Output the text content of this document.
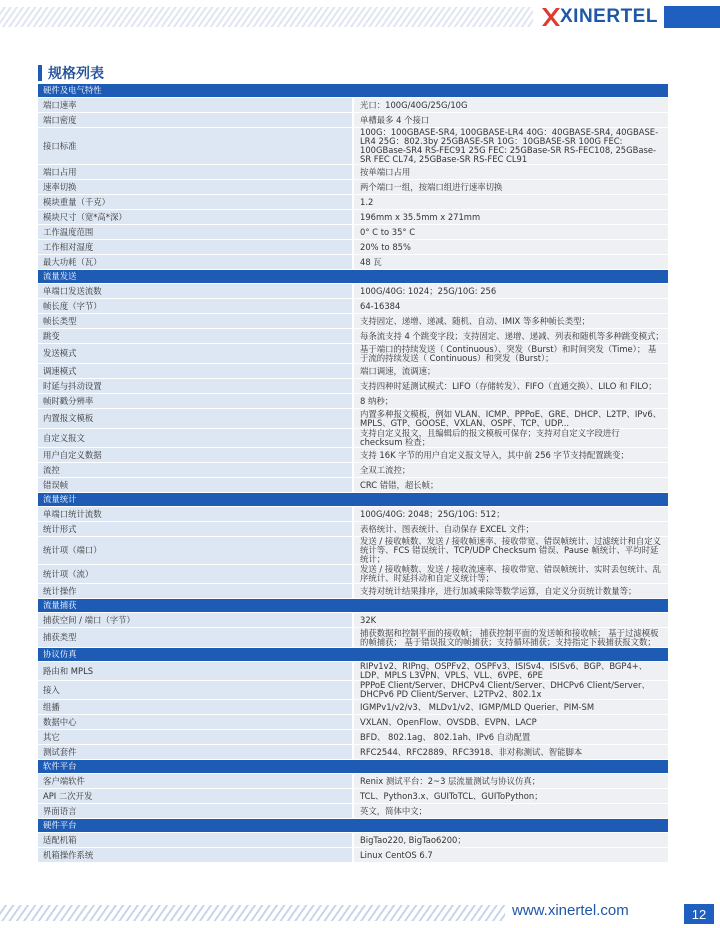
XINERTEL
规格列表
硬件及电气特性	
端口速率	光口：100G/40G/25G/10G
端口密度	单槽最多 4 个接口
接口标准	100G：100GBASE-SR4, 100GBASE-LR4 40G：40GBASE-SR4, 40GBASE-LR4 25G：802.3by 25GBASE-SR 10G：10GBASE-SR 100G FEC: 100GBase-SR4 RS-FEC91 25G FEC: 25GBase-SR RS-FEC108, 25GBase-SR FEC CL74, 25GBase-SR RS-FEC CL91
端口占用	按单端口占用
速率切换	两个端口一组，按端口组进行速率切换
模块重量（千克）	1.2
模块尺寸（宽*高*深）	196mm x 35.5mm x 271mm
工作温度范围	0° C to 35° C
工作相对湿度	20% to 85%
最大功耗（瓦）	48 瓦
流量发送	
单端口发送流数	100G/40G: 1024；25G/10G: 256
帧长度（字节）	64-16384
帧长类型	支持固定、递增、递减、随机、自动、IMIX 等多种帧长类型；
跳变	每条流支持 4 个跳变字段；支持固定、递增、递减、列表和随机等多种跳变模式；
发送模式	基于端口的持续发送（ Continuous）、突发（Burst）和时间突发（Time）； 基于流的持续发送（ Continuous）和突发（Burst）；
调速模式	端口调速，流调速；
时延与抖动设置	支持四种时延测试模式：LIFO（存储转发）、FIFO（直通交换）、LILO 和 FILO；
帧时戳分辨率	8 纳秒；
内置报文模板	内置多种报文模板，例如 VLAN、ICMP、PPPoE、GRE、DHCP、L2TP、IPv6、MPLS、GTP、GOOSE、VXLAN、OSPF、TCP、UDP...
自定义报文	支持自定义报文，且编辑后的报文模板可保存；支持对自定义字段进行 checksum 检查；
用户自定义数据	支持 16K 字节的用户自定义报文导入，其中前 256 字节支持配置跳变；
流控	全双工流控；
错误帧	CRC 错错，超长帧；
流量统计	
单端口统计流数	100G/40G: 2048；25G/10G: 512；
统计形式	表格统计、图表统计、自动保存 EXCEL 文件；
统计项（端口）	发送 / 接收帧数、发送 / 接收帧速率、接收带宽、错误帧统计、过滤统计和自定义统计等、FCS 错误统计、TCP/UDP Checksum 错误、Pause 帧统计、平均时延统计；
统计项（流）	发送 / 接收帧数、发送 / 接收流速率、接收带宽、错误帧统计、实时丢包统计、乱序统计、时延抖动和自定义统计等；
统计操作	支持对统计结果排序，进行加减乘除等数学运算，自定义分页统计数量等；
流量捕获	
捕获空间 / 端口（字节）	32K
捕获类型	捕获数据和控制平面的接收帧； 捕获控制平面的发送帧和接收帧； 基于过滤模板的帧捕获； 基于错误报文的帧捕获；支持循环捕获；支持指定下载捕获报文数；
协议仿真	
路由和 MPLS	RIPv1v2、RIPng、OSPFv2、OSPFv3、ISISv4、ISISv6、BGP、BGP4+、LDP、MPLS L3VPN、VPLS、VLL、6VPE、6PE
接入	PPPoE Client/Server、DHCPv4 Client/Server、DHCPv6 Client/Server、DHCPv6 PD Client/Server、L2TPv2、802.1x
组播	IGMPv1/v2/v3、 MLDv1/v2、IGMP/MLD Querier、PIM-SM
数据中心	VXLAN、OpenFlow、OVSDB、EVPN、LACP
其它	BFD、 802.1ag、 802.1ah、IPv6 自动配置
测试套件	RFC2544、RFC2889、RFC3918、非对称测试、智能脚本
软件平台	
客户端软件	Renix 测试平台：2~3 层流量测试与协议仿真；
API 二次开发	TCL、Python3.x、GUIToTCL、GUIToPython；
界面语言	英文，简体中文；
硬件平台	
适配机箱	BigTao220, BigTao6200；
机箱操作系统	Linux CentOS 6.7
www.xinertel.com	12
